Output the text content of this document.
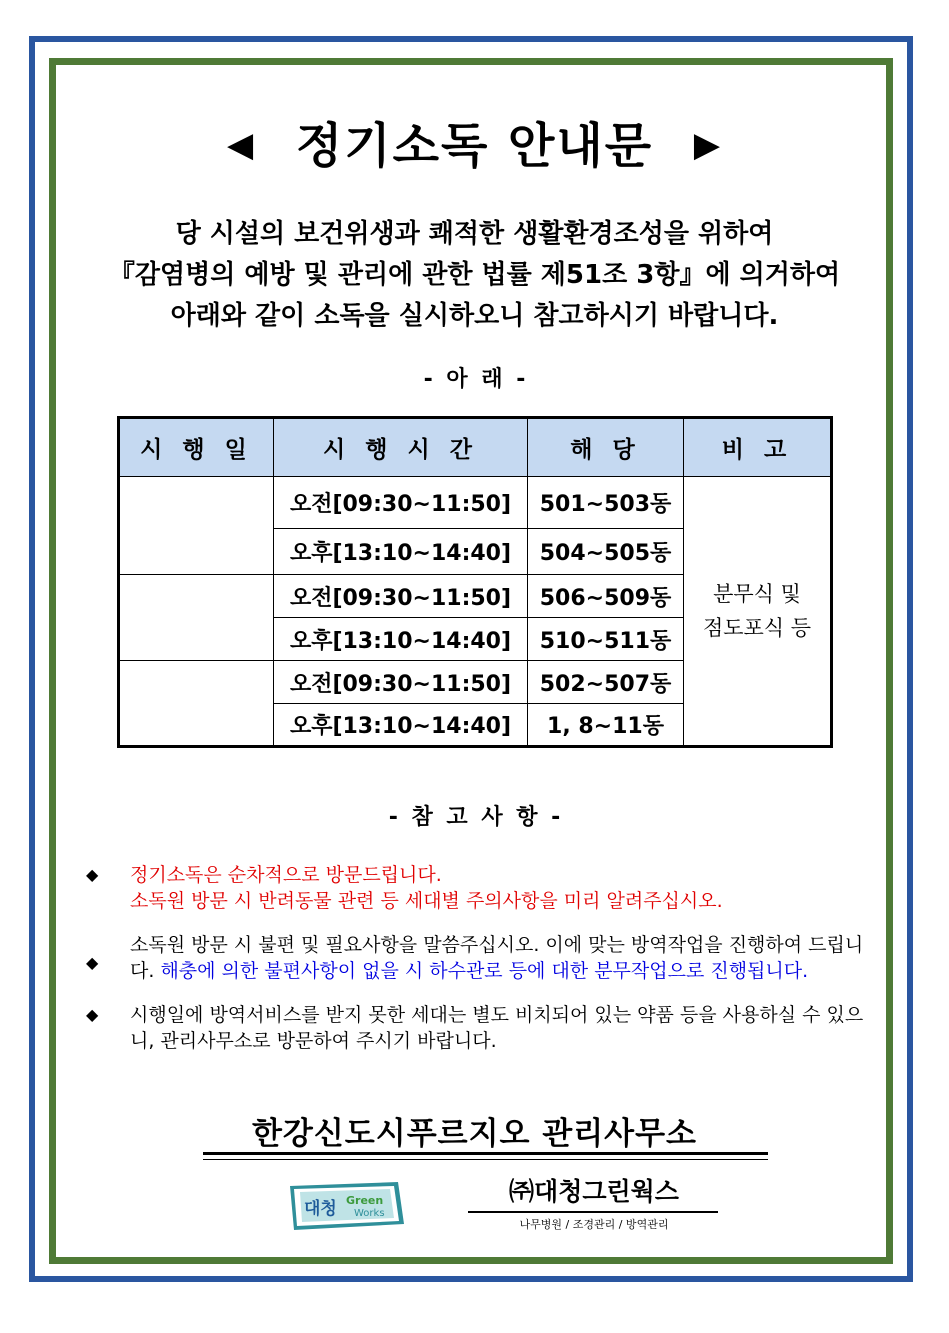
◀ 정기소독 안내문 ▶
당 시설의 보건위생과 쾌적한 생활환경조성을 위하여
『감염병의 예방 및 관리에 관한 법률 제51조 3항』에 의거하여
아래와 같이 소독을 실시하오니 참고하시기 바랍니다.
- 아 래 -
시 행 일	시 행 시 간	해 당	비 고
	오전[09:30~11:50]	501~503동	분무식 및
점도포식 등

	오후[13:10~14:40]	504~505동	
	오전[09:30~11:50]	506~509동	
	오후[13:10~14:40]	510~511동	
	오전[09:30~11:50]	502~507동	
	오후[13:10~14:40]	1, 8~11동	
- 참 고 사 항 -
◆ 정기소독은 순차적으로 방문드립니다.
소독원 방문 시 반려동물 관련 등 세대별 주의사항을 미리 알려주십시오.
◆
소독원 방문 시 불편 및 필요사항을 말씀주십시오. 이에 맞는 방역작업을 진행하여 드립니다. 해충에 의한 불편사항이 없을 시 하수관로 등에 대한 분무작업으로 진행됩니다.
◆ 시행일에 방역서비스를 받지 못한 세대는 별도 비치되어 있는 약품 등을 사용하실 수 있으니, 관리사무소로 방문하여 주시기 바랍니다.
한강신도시푸르지오 관리사무소
대청 Green
Works
㈜대청그린웍스
나무병원 / 조경관리 / 방역관리
